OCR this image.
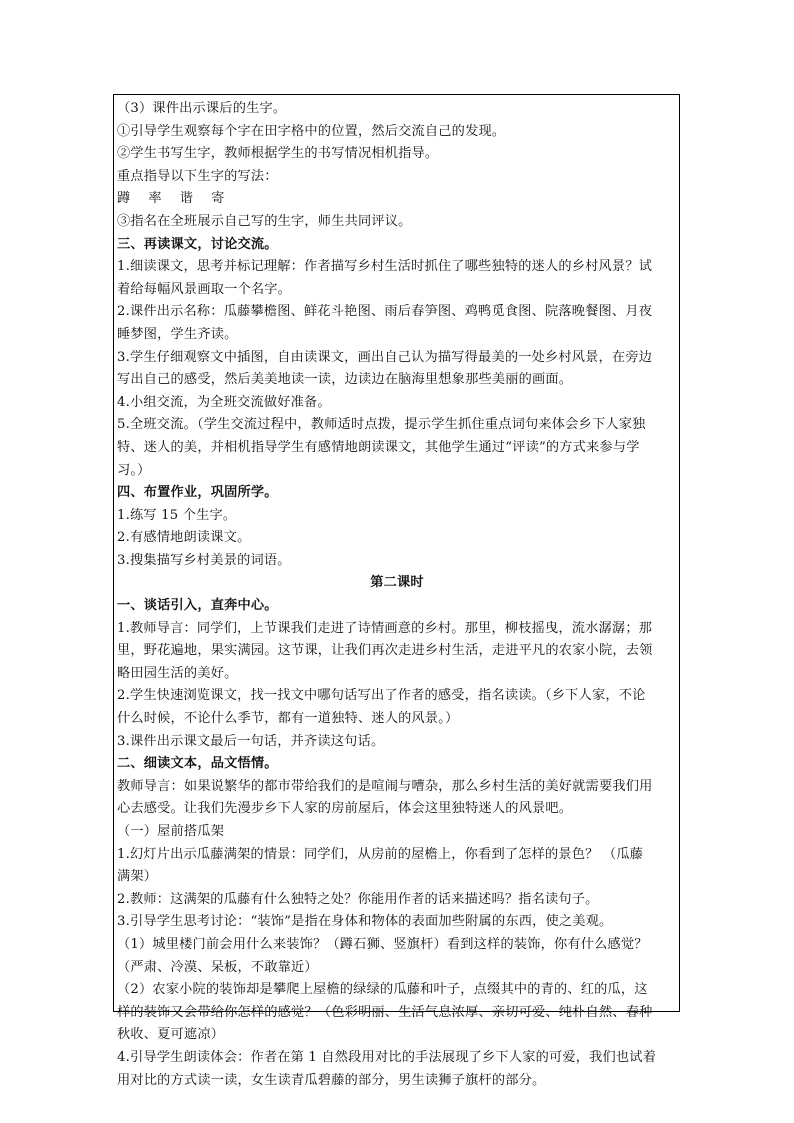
（3）课件出示课后的生字。
①引导学生观察每个字在田字格中的位置，然后交流自己的发现。
②学生书写生字，教师根据学生的书写情况相机指导。
重点指导以下生字的写法：
蹲 率 谐 寄
③指名在全班展示自己写的生字，师生共同评议。
三、再读课文，讨论交流。
1.细读课文，思考并标记理解：作者描写乡村生活时抓住了哪些独特的迷人的乡村风景？试
着给每幅风景画取一个名字。
2.课件出示名称：瓜藤攀檐图、鲜花斗艳图、雨后春笋图、鸡鸭觅食图、院落晚餐图、月夜
睡梦图，学生齐读。
3.学生仔细观察文中插图，自由读课文，画出自己认为描写得最美的一处乡村风景，在旁边
写出自己的感受，然后美美地读一读，边读边在脑海里想象那些美丽的画面。
4.小组交流，为全班交流做好准备。
5.全班交流。（学生交流过程中，教师适时点拨，提示学生抓住重点词句来体会乡下人家独
特、迷人的美，并相机指导学生有感情地朗读课文，其他学生通过“评读”的方式来参与学
习。）
四、布置作业，巩固所学。
1.练写 15 个生字。
2.有感情地朗读课文。
3.搜集描写乡村美景的词语。
第二课时
一、谈话引入，直奔中心。
1.教师导言：同学们，上节课我们走进了诗情画意的乡村。那里，柳枝摇曳，流水潺潺；那
里，野花遍地，果实满园。这节课，让我们再次走进乡村生活，走进平凡的农家小院，去领
略田园生活的美好。
2.学生快速浏览课文，找一找文中哪句话写出了作者的感受，指名读读。（乡下人家，不论
什么时候，不论什么季节，都有一道独特、迷人的风景。）
3.课件出示课文最后一句话，并齐读这句话。
二、细读文本，品文悟情。
教师导言：如果说繁华的都市带给我们的是喧闹与嘈杂，那么乡村生活的美好就需要我们用
心去感受。让我们先漫步乡下人家的房前屋后，体会这里独特迷人的风景吧。
（一）屋前搭瓜架
1.幻灯片出示瓜藤满架的情景：同学们，从房前的屋檐上，你看到了怎样的景色？ （瓜藤
满架）
2.教师：这满架的瓜藤有什么独特之处？你能用作者的话来描述吗？指名读句子。
3.引导学生思考讨论：“装饰”是指在身体和物体的表面加些附属的东西，使之美观。
（1）城里楼门前会用什么来装饰？（蹲石狮、竖旗杆）看到这样的装饰，你有什么感觉？
（严肃、冷漠、呆板，不敢靠近）
（2）农家小院的装饰却是攀爬上屋檐的绿绿的瓜藤和叶子，点缀其中的青的、红的瓜，这
样的装饰又会带给你怎样的感觉？（色彩明丽、生活气息浓厚、亲切可爱、纯朴自然、春种
秋收、夏可遮凉）
4.引导学生朗读体会：作者在第 1 自然段用对比的手法展现了乡下人家的可爱，我们也试着
用对比的方式读一读，女生读青瓜碧藤的部分，男生读狮子旗杆的部分。
